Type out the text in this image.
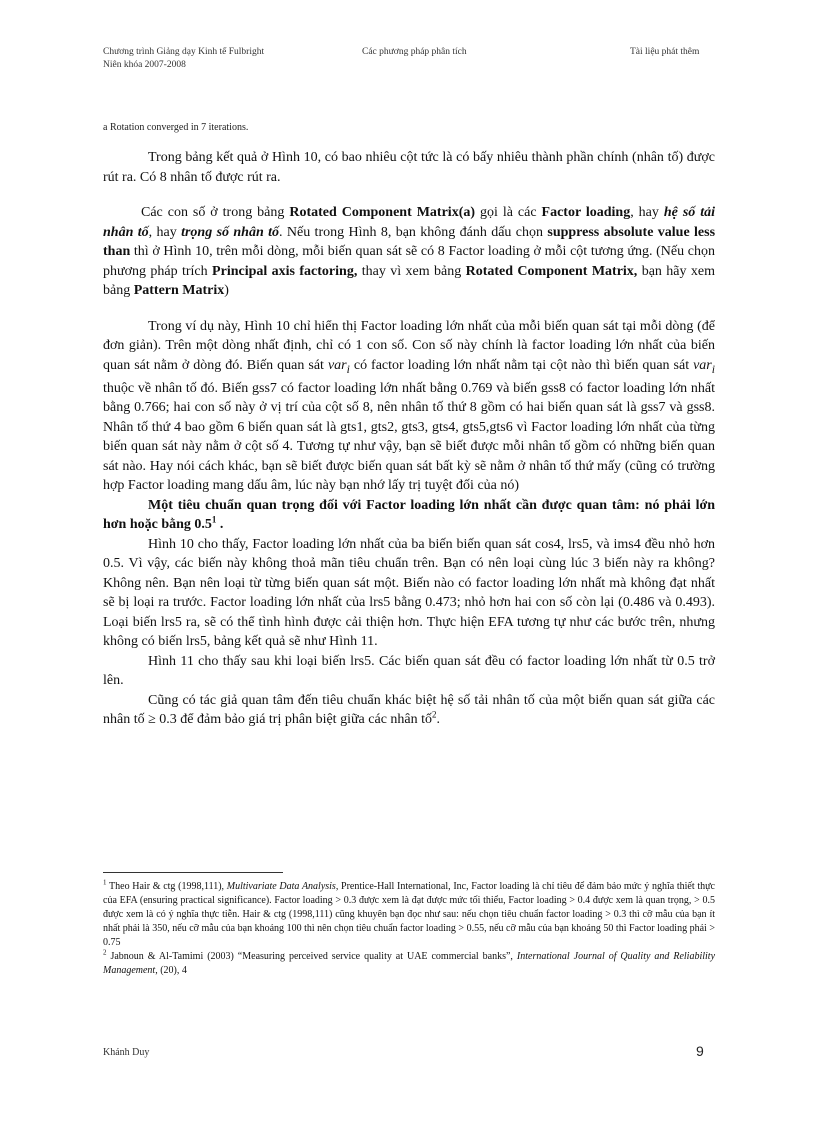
Chương trình Giảng dạy Kinh tế Fulbright
Niên khóa 2007-2008
Các phương pháp phân tích	Tài liệu phát thêm
a Rotation converged in 7 iterations.

Trong bảng kết quả ở Hình 10, có bao nhiêu cột tức là có bấy nhiêu thành phần chính (nhân tố) được rút ra. Có 8 nhân tố được rút ra.

Các con số ở trong bảng Rotated Component Matrix(a) gọi là các Factor loading, hay hệ số tải nhân tố, hay trọng số nhân tố. Nếu trong Hình 8, bạn không đánh dấu chọn suppress absolute value less than thì ở Hình 10, trên mỗi dòng, mỗi biến quan sát sẽ có 8 Factor loading ở mỗi cột tương ứng. (Nếu chọn phương pháp trích Principal axis factoring, thay vì xem bảng Rotated Component Matrix, bạn hãy xem bảng Pattern Matrix)

Trong ví dụ này, Hình 10 chỉ hiển thị Factor loading lớn nhất của mỗi biến quan sát tại mỗi dòng (để đơn giản). Trên một dòng nhất định, chỉ có 1 con số. Con số này chính là factor loading lớn nhất của biến quan sát nằm ở dòng đó. Biến quan sát var$_i$ có factor loading lớn nhất nằm tại cột nào thì biến quan sát var$_i$ thuộc về nhân tố đó. Biến gss7 có factor loading lớn nhất bằng 0.769 và biến gss8 có factor loading lớn nhất bằng 0.766; hai con số này ở vị trí của cột số 8, nên nhân tố thứ 8 gồm có hai biến quan sát là gss7 và gss8. Nhân tố thứ 4 bao gồm 6 biến quan sát là gts1, gts2, gts3, gts4, gts5,gts6 vì Factor loading lớn nhất của từng biến quan sát này nằm ở cột số 4. Tương tự như vậy, bạn sẽ biết được mỗi nhân tố gồm có những biến quan sát nào. Hay nói cách khác, bạn sẽ biết được biến quan sát bất kỳ sẽ nằm ở nhân tố thứ mấy (cũng có trường hợp Factor loading mang dấu âm, lúc này bạn nhớ lấy trị tuyệt đối của nó)

Một tiêu chuẩn quan trọng đối với Factor loading lớn nhất cần được quan tâm: nó phải lớn hơn hoặc bằng $0.5^1$ .

Hình 10 cho thấy, Factor loading lớn nhất của ba biến biến quan sát cos4, lrs5, và ims4 đều nhỏ hơn 0.5. Vì vậy, các biến này không thoả mãn tiêu chuẩn trên. Bạn có nên loại cùng lúc 3 biến này ra không? Không nên. Bạn nên loại từ từng biến quan sát một. Biến nào có factor loading lớn nhất mà không đạt nhất sẽ bị loại ra trước. Factor loading lớn nhất của lrs5 bằng 0.473; nhỏ hơn hai con số còn lại (0.486 và 0.493). Loại biến lrs5 ra, sẽ có thể tình hình được cải thiện hơn. Thực hiện EFA tương tự như các bước trên, nhưng không có biến lrs5, bảng kết quả sẽ như Hình 11.

Hình 11 cho thấy sau khi loại biến lrs5. Các biến quan sát đều có factor loading lớn nhất từ 0.5 trở lên.

Cũng có tác giả quan tâm đến tiêu chuẩn khác biệt hệ số tải nhân tố của một biến quan sát giữa các nhân tố ≥ 0.3 để đảm bảo giá trị phân biệt giữa các nhân tố$^2$.

$^1$ Theo Hair & ctg (1998,111), Multivariate Data Analysis, Prentice-Hall International, Inc, Factor loading là chỉ tiêu để đảm bảo mức ý nghĩa thiết thực của EFA (ensuring practical significance). Factor loading > 0.3 được xem là đạt được mức tối thiểu, Factor loading > 0.4 được xem là quan trọng, > 0.5 được xem là có ý nghĩa thực tiễn. Hair & ctg (1998,111) cũng khuyên bạn đọc như sau: nếu chọn tiêu chuẩn factor loading > 0.3 thì cỡ mẫu của bạn ít nhất phải là 350, nếu cỡ mẫu của bạn khoảng 100 thì nên chọn tiêu chuẩn factor loading > 0.55, nếu cỡ mẫu của bạn khoảng 50 thì Factor loading phải > 0.75

$^2$ Jabnoun & Al-Tamimi (2003) “Measuring perceived service quality at UAE commercial banks”, International Journal of Quality and Reliability Management, (20), 4

Khánh Duy	9
